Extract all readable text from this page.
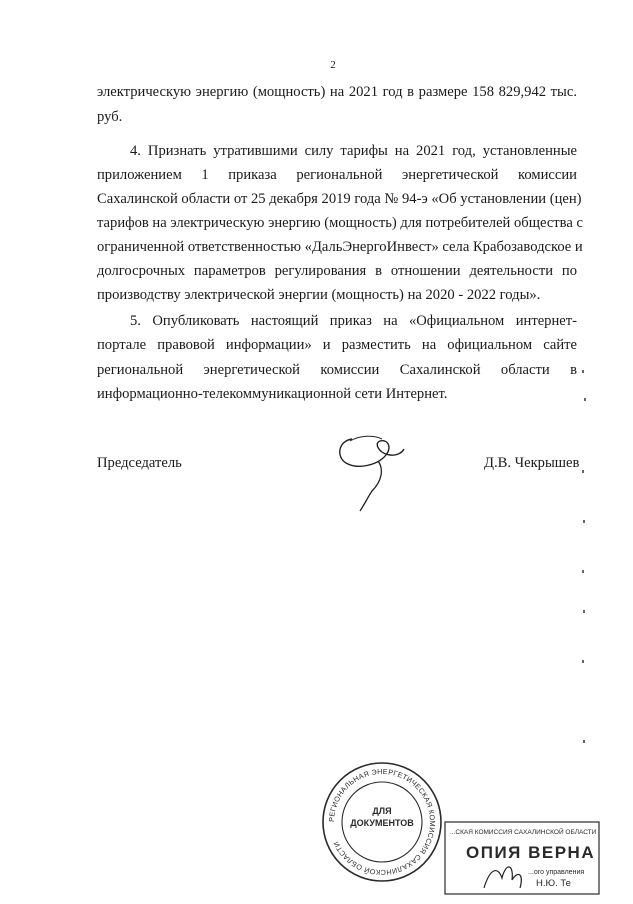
2
электрическую энергию (мощность) на 2021 год в размере 158 829,942 тыс.
руб.
4. Признать утратившими силу тарифы на 2021 год, установленные
приложением 1 приказа региональной энергетической комиссии
Сахалинской области от 25 декабря 2019 года № 94-э «Об установлении (цен)
тарифов на электрическую энергию (мощность) для потребителей общества с
ограниченной ответственностью «ДальЭнергоИнвест» села Крабозаводское и
долгосрочных параметров регулирования в отношении деятельности по
производству электрической энергии (мощность) на 2020 - 2022 годы».
5. Опубликовать настоящий приказ на «Официальном интернет-
портале правовой информации» и разместить на официальном сайте
региональной энергетической комиссии Сахалинской области в
информационно-телекоммуникационной сети Интернет.
Председатель	Д.В. Чекрышев
РЕГИОНАЛЬНАЯ ЭНЕРГЕТИЧЕСКАЯ КОМИССИЯ САХАЛИНСКОЙ ОБЛАСТИ
ДЛЯ
ДОКУМЕНТОВ
...СКАЯ КОМИССИЯ САХАЛИНСКОЙ ОБЛАСТИ
ОПИЯ ВЕРНА
...ого управления
Н.Ю. Те
